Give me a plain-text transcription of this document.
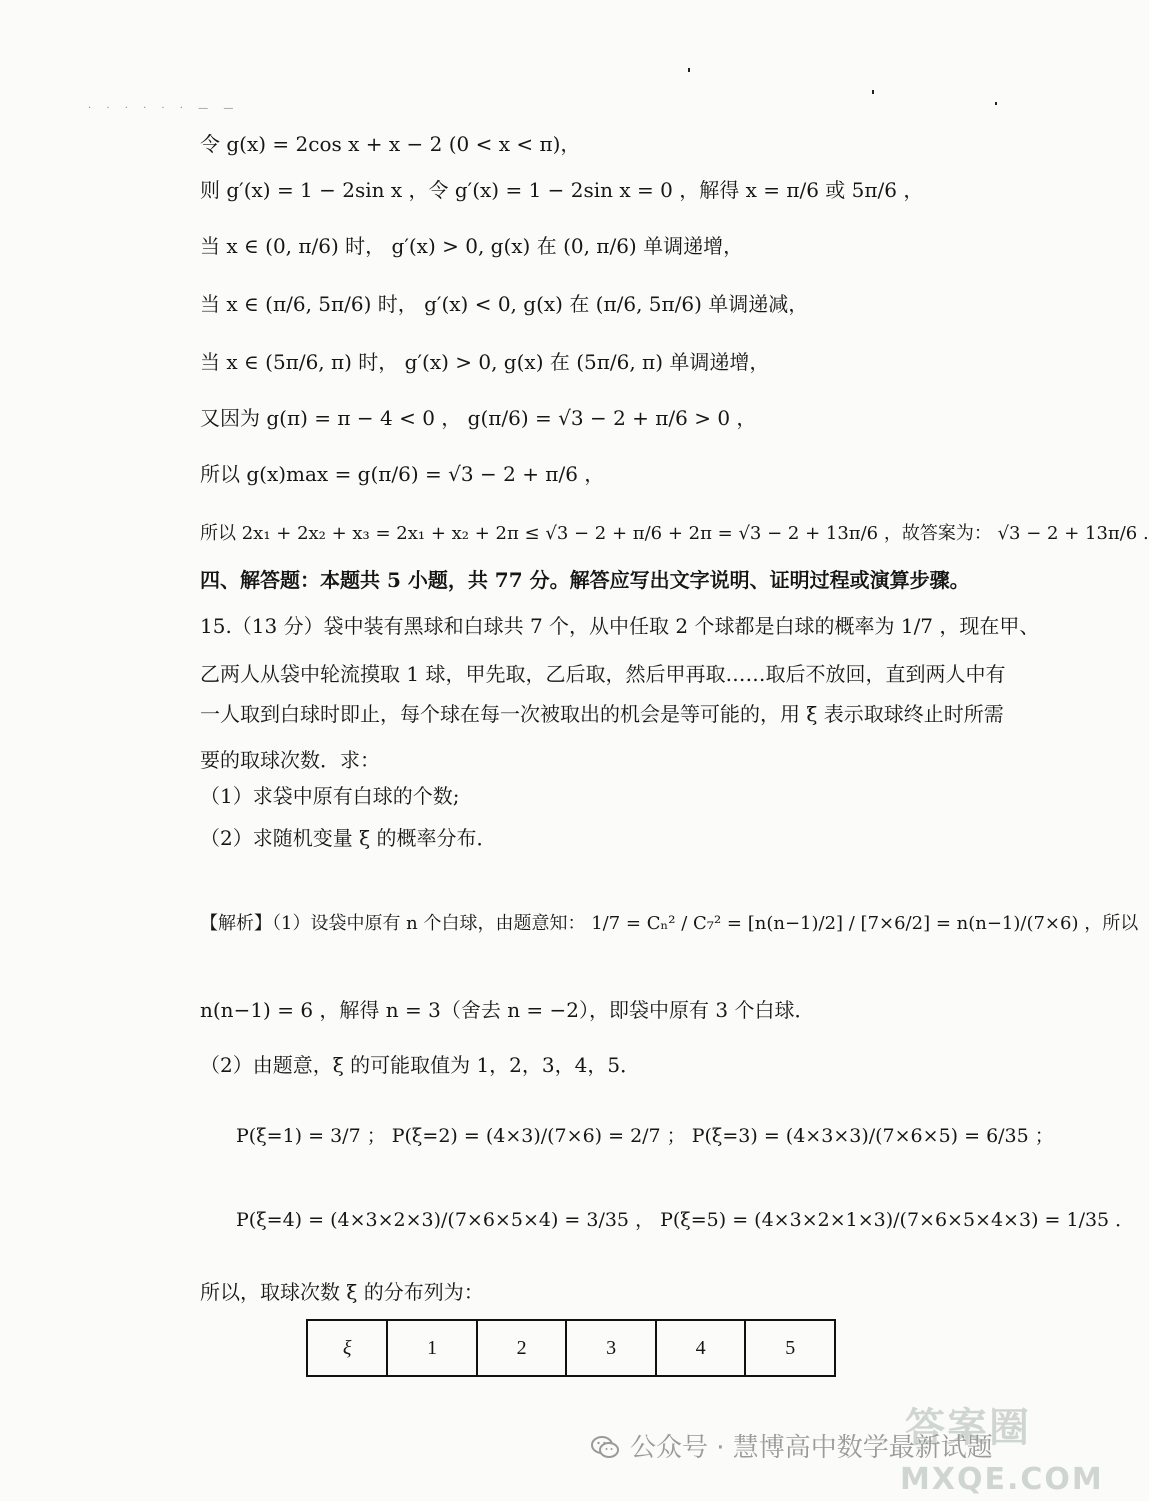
· · · · · · — —
令 g(x) = 2cos x + x − 2 (0 < x < π)，
则 g′(x) = 1 − 2sin x ，令 g′(x) = 1 − 2sin x = 0 ，解得 x = π/6 或 5π/6 ，
当 x ∈ (0, π/6) 时， g′(x) > 0, g(x) 在 (0, π/6) 单调递增，
当 x ∈ (π/6, 5π/6) 时， g′(x) < 0, g(x) 在 (π/6, 5π/6) 单调递减，
当 x ∈ (5π/6, π) 时， g′(x) > 0, g(x) 在 (5π/6, π) 单调递增，
又因为 g(π) = π − 4 < 0 ， g(π/6) = √3 − 2 + π/6 > 0 ，
所以 g(x)max = g(π/6) = √3 − 2 + π/6 ，
所以 2x₁ + 2x₂ + x₃ = 2x₁ + x₂ + 2π ≤ √3 − 2 + π/6 + 2π = √3 − 2 + 13π/6 ，故答案为： √3 − 2 + 13π/6 .
四、解答题：本题共 5 小题，共 77 分。解答应写出文字说明、证明过程或演算步骤。
15.（13 分）袋中装有黑球和白球共 7 个，从中任取 2 个球都是白球的概率为 1/7 ，现在甲、
乙两人从袋中轮流摸取 1 球，甲先取，乙后取，然后甲再取……取后不放回，直到两人中有
一人取到白球时即止，每个球在每一次被取出的机会是等可能的，用 ξ 表示取球终止时所需
要的取球次数．求：
（1）求袋中原有白球的个数;
（2）求随机变量 ξ 的概率分布．
【解析】（1）设袋中原有 n 个白球，由题意知： 1/7 = Cₙ² / C₇² = [n(n−1)/2] / [7×6/2] = n(n−1)/(7×6) ，所以
n(n−1) = 6 ，解得 n = 3（舍去 n = −2），即袋中原有 3 个白球．
（2）由题意，ξ 的可能取值为 1，2，3，4，5．
P(ξ=1) = 3/7 ； P(ξ=2) = (4×3)/(7×6) = 2/7 ； P(ξ=3) = (4×3×3)/(7×6×5) = 6/35 ；
P(ξ=4) = (4×3×2×3)/(7×6×5×4) = 3/35 ， P(ξ=5) = (4×3×2×1×3)/(7×6×5×4×3) = 1/35 ．
所以，取球次数 ξ 的分布列为：
ξ	1	2	3	4	5
答案圈
MXQE.COM
公众号 · 慧博高中数学最新试题
